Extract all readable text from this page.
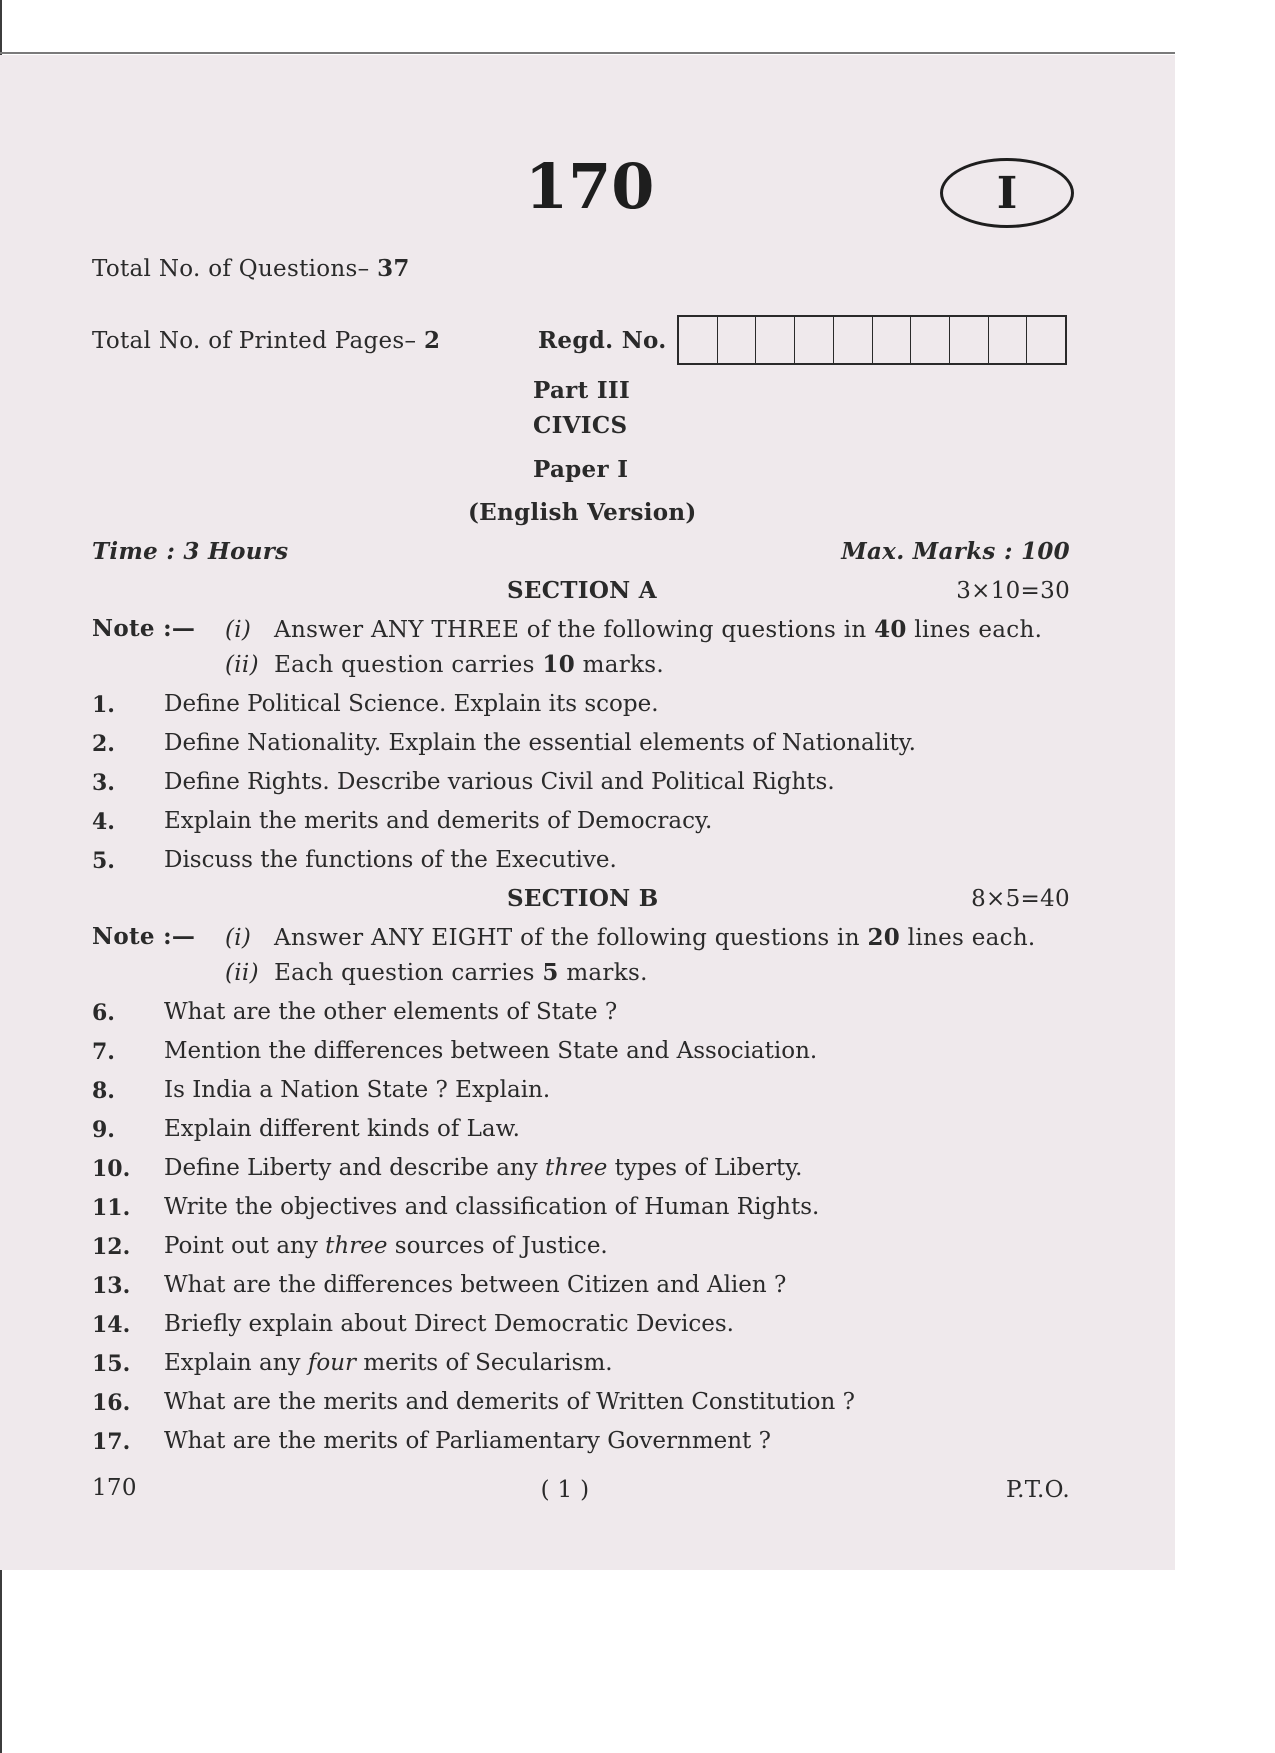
170	I
Total No. of Questions– 37
Total No. of Printed Pages– 2	Regd. No.
Part III
CIVICS
Paper I
(English Version)
Time : 3 Hours	Max. Marks : 100
SECTION A	3×10=30
Note :— (i) Answer ANY THREE of the following questions in 40 lines each.
(ii) Each question carries 10 marks.
1. Define Political Science. Explain its scope.
2. Define Nationality. Explain the essential elements of Nationality.
3. Define Rights. Describe various Civil and Political Rights.
4. Explain the merits and demerits of Democracy.
5. Discuss the functions of the Executive.
SECTION B	8×5=40
Note :— (i) Answer ANY EIGHT of the following questions in 20 lines each.
(ii) Each question carries 5 marks.
6. What are the other elements of State ?
7. Mention the differences between State and Association.
8. Is India a Nation State ? Explain.
9. Explain different kinds of Law.
10. Define Liberty and describe any three types of Liberty.
11. Write the objectives and classification of Human Rights.
12. Point out any three sources of Justice.
13. What are the differences between Citizen and Alien ?
14. Briefly explain about Direct Democratic Devices.
15. Explain any four merits of Secularism.
16. What are the merits and demerits of Written Constitution ?
17. What are the merits of Parliamentary Government ?
170	( 1 )	P.T.O.
